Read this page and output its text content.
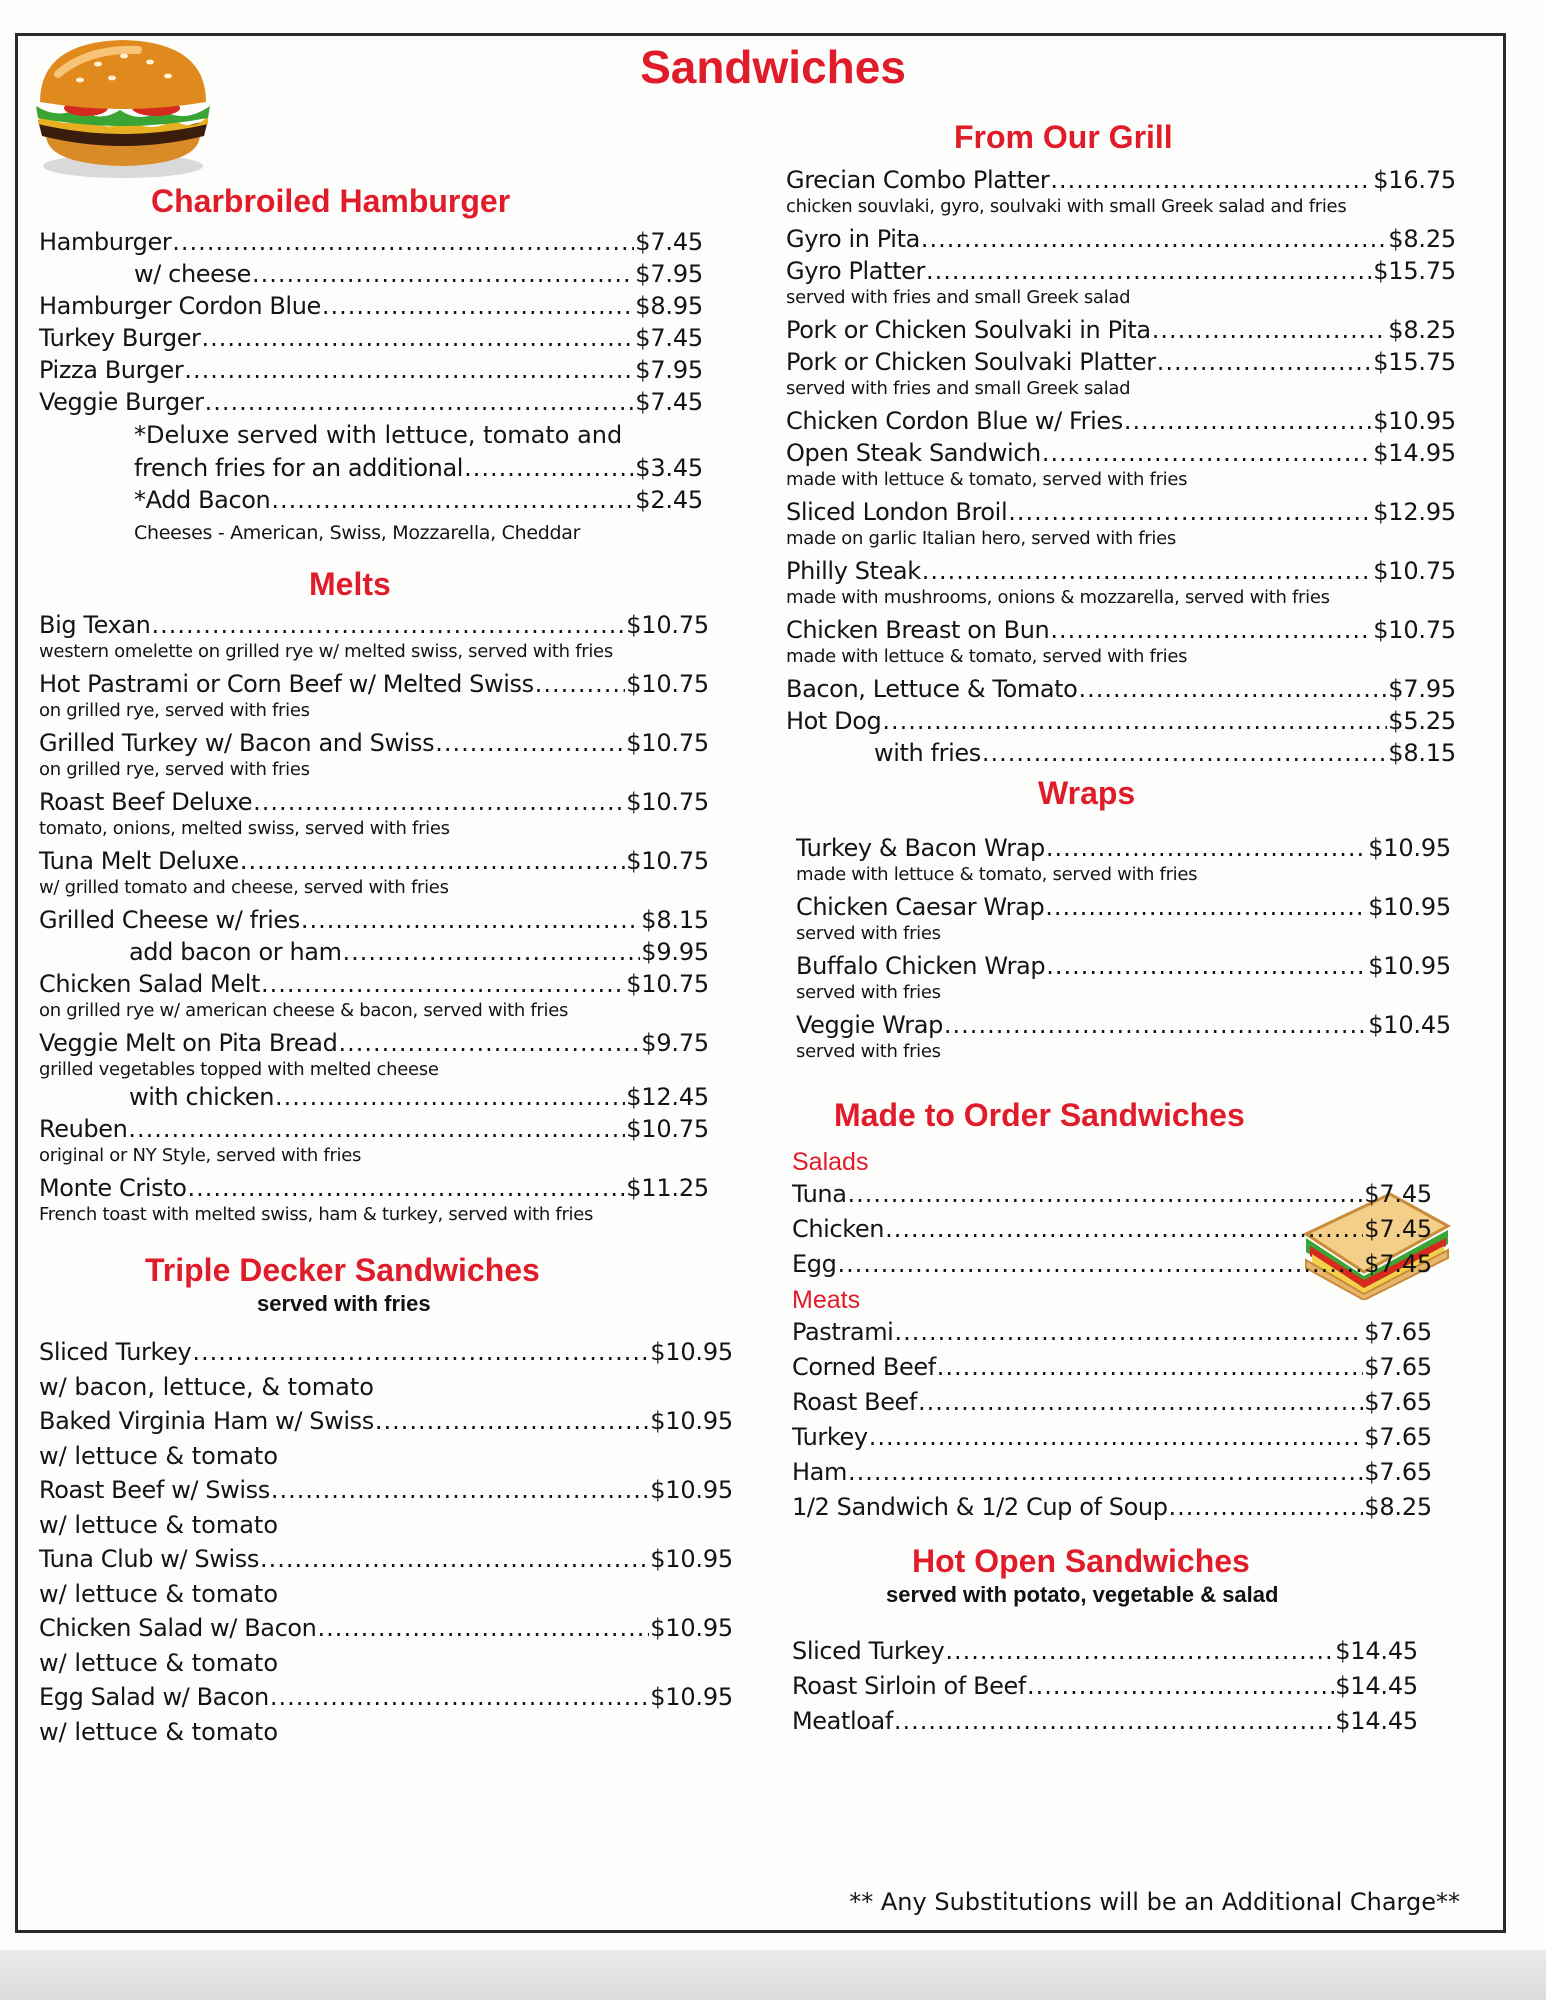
Sandwiches
Charbroiled Hamburger
Hamburger .....	$7.45
w/ cheese .....	$7.95
Hamburger Cordon Blue .....	$8.95
Turkey Burger .....	$7.45
Pizza Burger .....	$7.95
Veggie Burger .....	$7.45
*Deluxe served with lettuce, tomato and
french fries for an additional .....	$3.45
*Add Bacon .....	$2.45
Cheeses - American, Swiss, Mozzarella, Cheddar
Melts
Big Texan .....	$10.75
western omelette on grilled rye w/ melted swiss, served with fries
Hot Pastrami or Corn Beef w/ Melted Swiss .....	$10.75
on grilled rye, served with fries
Grilled Turkey w/ Bacon and Swiss .....	$10.75
on grilled rye, served with fries
Roast Beef Deluxe .....	$10.75
tomato, onions, melted swiss, served with fries
Tuna Melt Deluxe .....	$10.75
w/ grilled tomato and cheese, served with fries
Grilled Cheese w/ fries .....	$8.15
add bacon or ham .....	$9.95
Chicken Salad Melt .....	$10.75
on grilled rye w/ american cheese & bacon, served with fries
Veggie Melt on Pita Bread .....	$9.75
grilled vegetables topped with melted cheese
with chicken .....	$12.45
Reuben .....	$10.75
original or NY Style, served with fries
Monte Cristo .....	$11.25
French toast with melted swiss, ham & turkey, served with fries
Triple Decker Sandwiches
served with fries
Sliced Turkey .....	$10.95
w/ bacon, lettuce, & tomato
Baked Virginia Ham w/ Swiss .....	$10.95
w/ lettuce & tomato
Roast Beef w/ Swiss .....	$10.95
w/ lettuce & tomato
Tuna Club w/ Swiss .....	$10.95
w/ lettuce & tomato
Chicken Salad w/ Bacon .....	$10.95
w/ lettuce & tomato
Egg Salad w/ Bacon .....	$10.95
w/ lettuce & tomato
From Our Grill
Grecian Combo Platter .....	$16.75
chicken souvlaki, gyro, soulvaki with small Greek salad and fries
Gyro in Pita .....	$8.25
Gyro Platter .....	$15.75
served with fries and small Greek salad
Pork or Chicken Soulvaki in Pita .....	$8.25
Pork or Chicken Soulvaki Platter .....	$15.75
served with fries and small Greek salad
Chicken Cordon Blue w/ Fries .....	$10.95
Open Steak Sandwich .....	$14.95
made with lettuce & tomato, served with fries
Sliced London Broil .....	$12.95
made on garlic Italian hero, served with fries
Philly Steak .....	$10.75
made with mushrooms, onions & mozzarella, served with fries
Chicken Breast on Bun .....	$10.75
made with lettuce & tomato, served with fries
Bacon, Lettuce & Tomato .....	$7.95
Hot Dog .....	$5.25
with fries .....	$8.15
Wraps
Turkey & Bacon Wrap .....	$10.95
made with lettuce & tomato, served with fries
Chicken Caesar Wrap .....	$10.95
served with fries
Buffalo Chicken Wrap .....	$10.95
served with fries
Veggie Wrap .....	$10.45
served with fries
Made to Order Sandwiches
Salads
Tuna .....	$7.45
Chicken .....	$7.45
Egg .....	$7.45
Meats
Pastrami .....	$7.65
Corned Beef .....	$7.65
Roast Beef .....	$7.65
Turkey .....	$7.65
Ham .....	$7.65
1/2 Sandwich & 1/2 Cup of Soup .....	$8.25
Hot Open Sandwiches
served with potato, vegetable & salad
Sliced Turkey .....	$14.45
Roast Sirloin of Beef .....	$14.45
Meatloaf .....	$14.45
** Any Substitutions will be an Additional Charge**
